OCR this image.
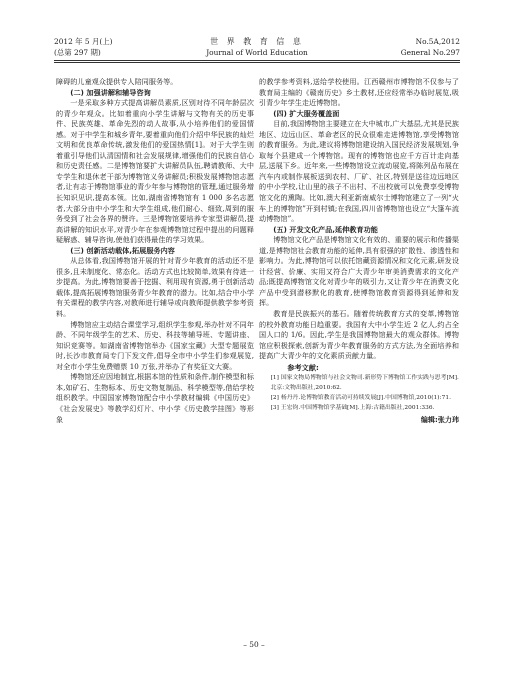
2012 年 5 月(上)
(总第 297 期)
世 界 教 育 信 息
Journal of World Education
No.5A,2012
General No.297

障碍的儿童观众提供专人陪同服务等。

(二) 加强讲解和辅导咨询

一是采取多种方式提高讲解员素质,区别对待不同年龄层次的青少年观众。比如着重向小学生讲解与文物有关的历史事件、民族英雄、革命先烈的动人故事,从小培养他们的爱国情感。对于中学生和城乡青年,要着重向他们介绍中华民族的灿烂文明和优良革命传统,激发他们的爱国热情[1]。对于大学生则着重引导他们认清国情和社会发展规律,增强他们的民族自信心和历史责任感。二是博物馆要扩大讲解员队伍,聘请教师、大中专学生和退休老干部为博物馆义务讲解员;积极发展博物馆志愿者,让有志于博物馆事业的青少年参与博物馆的管理,通过服务增长知识见识,提高本领。比如,湖南省博物馆有 1 000 多名志愿者,大部分由中小学生和大学生组成,他们耐心、细致,周到的服务受到了社会各界的赞许。三是博物馆要培养专家型讲解员,提高讲解的知识水平,对青少年在参观博物馆过程中提出的问题释疑解惑、辅导咨询,使他们获得最佳的学习效果。

(三) 创新活动载体,拓展服务内容

从总体看,我国博物馆开展的针对青少年教育的活动还不是很多,且未制度化、常态化。活动方式也比较简单,效果有待进一步提高。为此,博物馆要善于挖掘、利用现有资源,勇于创新活动载体,提高拓展博物馆服务青少年教育的潜力。比如,结合中小学有关课程的教学内容,对教师进行辅导或向教师提供教学参考资料。

博物馆应主动结合课堂学习,组织学生参观,举办针对不同年龄、不同年级学生的艺术、历史、科技等辅导班、专题讲座、知识竞赛等。如湖南省博物馆举办《国家宝藏》大型专题展览时,长沙市教育局专门下发文件,倡导全市中小学生们参观展览,对全市小学生免费赠票 10 万张,并举办了有奖征文大赛。

博物馆还应因地制宜,根据本馆的性质和条件,制作模型和标本,如矿石、生物标本、历史文物复制品、科学模型等,借给学校组织教学。中国国家博物馆配合中小学教材编辑《中国历史》《社会发展史》等教学幻灯片、中小学《历史教学挂图》等形象

的教学参考资料,送给学校使用。江西赣州市博物馆不仅参与了教育局主编的《赣南历史》乡土教材,还应经常举办临时展览,吸引青少年学生走近博物馆。

(四) 扩大服务覆盖面

目前,我国博物馆主要建立在大中城市,广大基层,尤其是民族地区、边远山区、革命老区的民众很难走进博物馆,享受博物馆的教育服务。为此,建议将博物馆建设纳入国民经济发展规划,争取每个县建成一个博物馆。现有的博物馆也应千方百计走向基层,送展下乡。近年来,一些博物馆设立流动展览,将陈列品布展在汽车内或制作展板送到农村、厂矿、社区,特别是送往边远地区的中小学校,让山里的孩子不出村、不出校就可以免费享受博物馆文化的熏陶。比如,澳大利亚新南威尔士博物馆建立了一列“火车上的博物馆”开到村镇;在我国,四川省博物馆也设立“大篷车流动博物馆”。

(五) 开发文化产品,延伸教育功能

博物馆文化产品是博物馆文化有效的、重要的展示和传播渠道,是博物馆社会教育功能的延伸,具有很强的扩散性、渗透性和影响力。为此,博物馆可以依托馆藏资源情况和文化元素,研发设计经营、价廉、实用又符合广大青少年审美消费需求的文化产品;既提高博物馆文化对青少年的吸引力,又让青少年在消费文化产品中受到潜移默化的教育,使博物馆教育资源得到延伸和发挥。

教育是民族振兴的基石。随着传统教育方式的变革,博物馆的校外教育功能日趋重要。我国有大中小学生近 2 亿人,约占全国人口的 1/6。因此,学生是我国博物馆最大的观众群体。博物馆应积极探索,创新为青少年教育服务的方式方法,为全面培养和提高广大青少年的文化素质贡献力量。

参考文献:

[1] 国家文物局博物馆与社会文物司.新形势下博物馆工作实践与思考[M].北京:文物出版社,2010:62.

[2] 杨丹丹.论博物馆教育活动可持续发展[J].中国博物馆,2010(1):71.

[3] 王宏钧.中国博物馆学基础[M].上海:古籍出版社,2001:336.

编辑:张力玮

– 50 –
